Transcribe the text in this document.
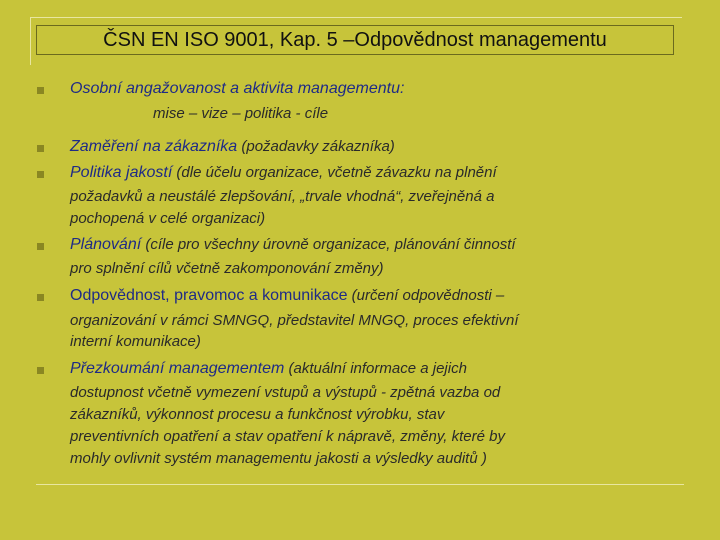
ČSN EN ISO 9001, Kap. 5 –Odpovědnost managementu
Osobní angažovanost a aktivita managementu:
mise – vize – politika - cíle
Zaměření na zákazníka (požadavky zákazníka)
Politika jakostí (dle účelu organizace, včetně závazku na plnění
požadavků a neustálé zlepšování, „trvale vhodná“, zveřejněná a
pochopená v celé organizaci)
Plánování (cíle pro všechny úrovně organizace, plánování činností
pro splnění cílů včetně zakomponování změny)
Odpovědnost, pravomoc a komunikace (určení odpovědnosti –
organizování v rámci SMNGQ, představitel MNGQ, proces efektivní
interní komunikace)
Přezkoumání managementem (aktuální informace a jejich
dostupnost včetně vymezení vstupů a výstupů - zpětná vazba od
zákazníků, výkonnost procesu a funkčnost výrobku, stav
preventivních opatření a stav opatření k nápravě, změny, které by
mohly ovlivnit systém managementu jakosti a výsledky auditů )
